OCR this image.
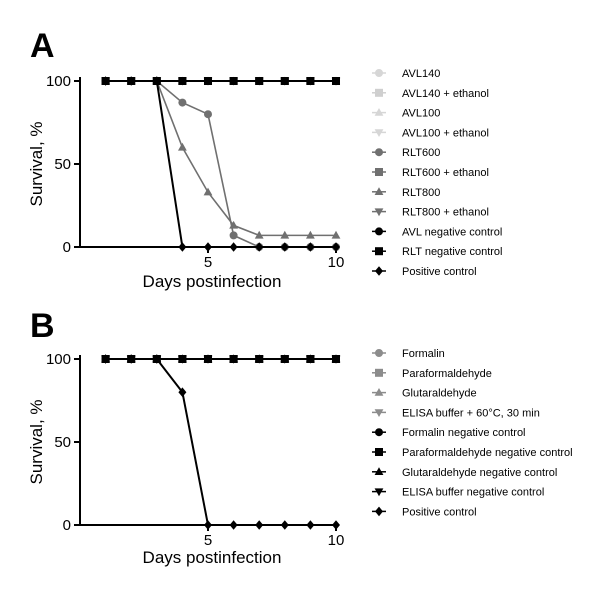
A
0
50
100
5	10
Days postinfection
Survival, %
AVL140
AVL140 + ethanol
AVL100
AVL100 + ethanol
RLT600
RLT600 + ethanol
RLT800
RLT800 + ethanol
AVL negative control
RLT negative control
Positive control
B
0
50
100
5	10
Days postinfection
Survival, %
Formalin
Paraformaldehyde
Glutaraldehyde
ELISA buffer + 60°C, 30 min
Formalin negative control
Paraformaldehyde negative control
Glutaraldehyde negative control
ELISA buffer negative control
Positive control
